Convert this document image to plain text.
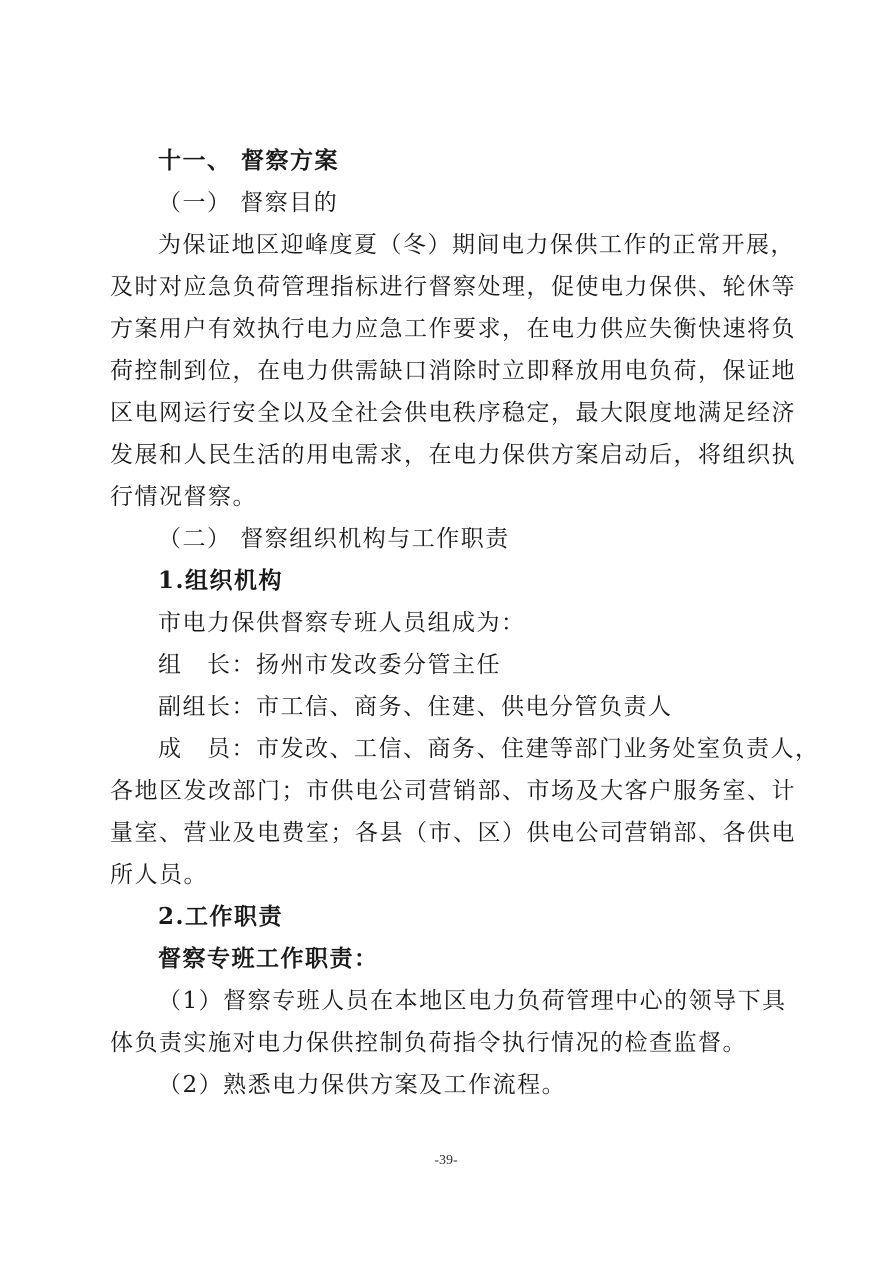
十一、 督察方案
（一） 督察目的
为保证地区迎峰度夏（冬）期间电力保供工作的正常开展，
及时对应急负荷管理指标进行督察处理，促使电力保供、轮休等
方案用户有效执行电力应急工作要求，在电力供应失衡快速将负
荷控制到位，在电力供需缺口消除时立即释放用电负荷，保证地
区电网运行安全以及全社会供电秩序稳定，最大限度地满足经济
发展和人民生活的用电需求，在电力保供方案启动后，将组织执
行情况督察。
（二） 督察组织机构与工作职责
1.组织机构
市电力保供督察专班人员组成为：
组　长：扬州市发改委分管主任
副组长：市工信、商务、住建、供电分管负责人
成　员：市发改、工信、商务、住建等部门业务处室负责人，
各地区发改部门；市供电公司营销部、市场及大客户服务室、计
量室、营业及电费室；各县（市、区）供电公司营销部、各供电
所人员。
2.工作职责
督察专班工作职责：
（1）督察专班人员在本地区电力负荷管理中心的领导下具
体负责实施对电力保供控制负荷指令执行情况的检查监督。
（2）熟悉电力保供方案及工作流程。
-39-
